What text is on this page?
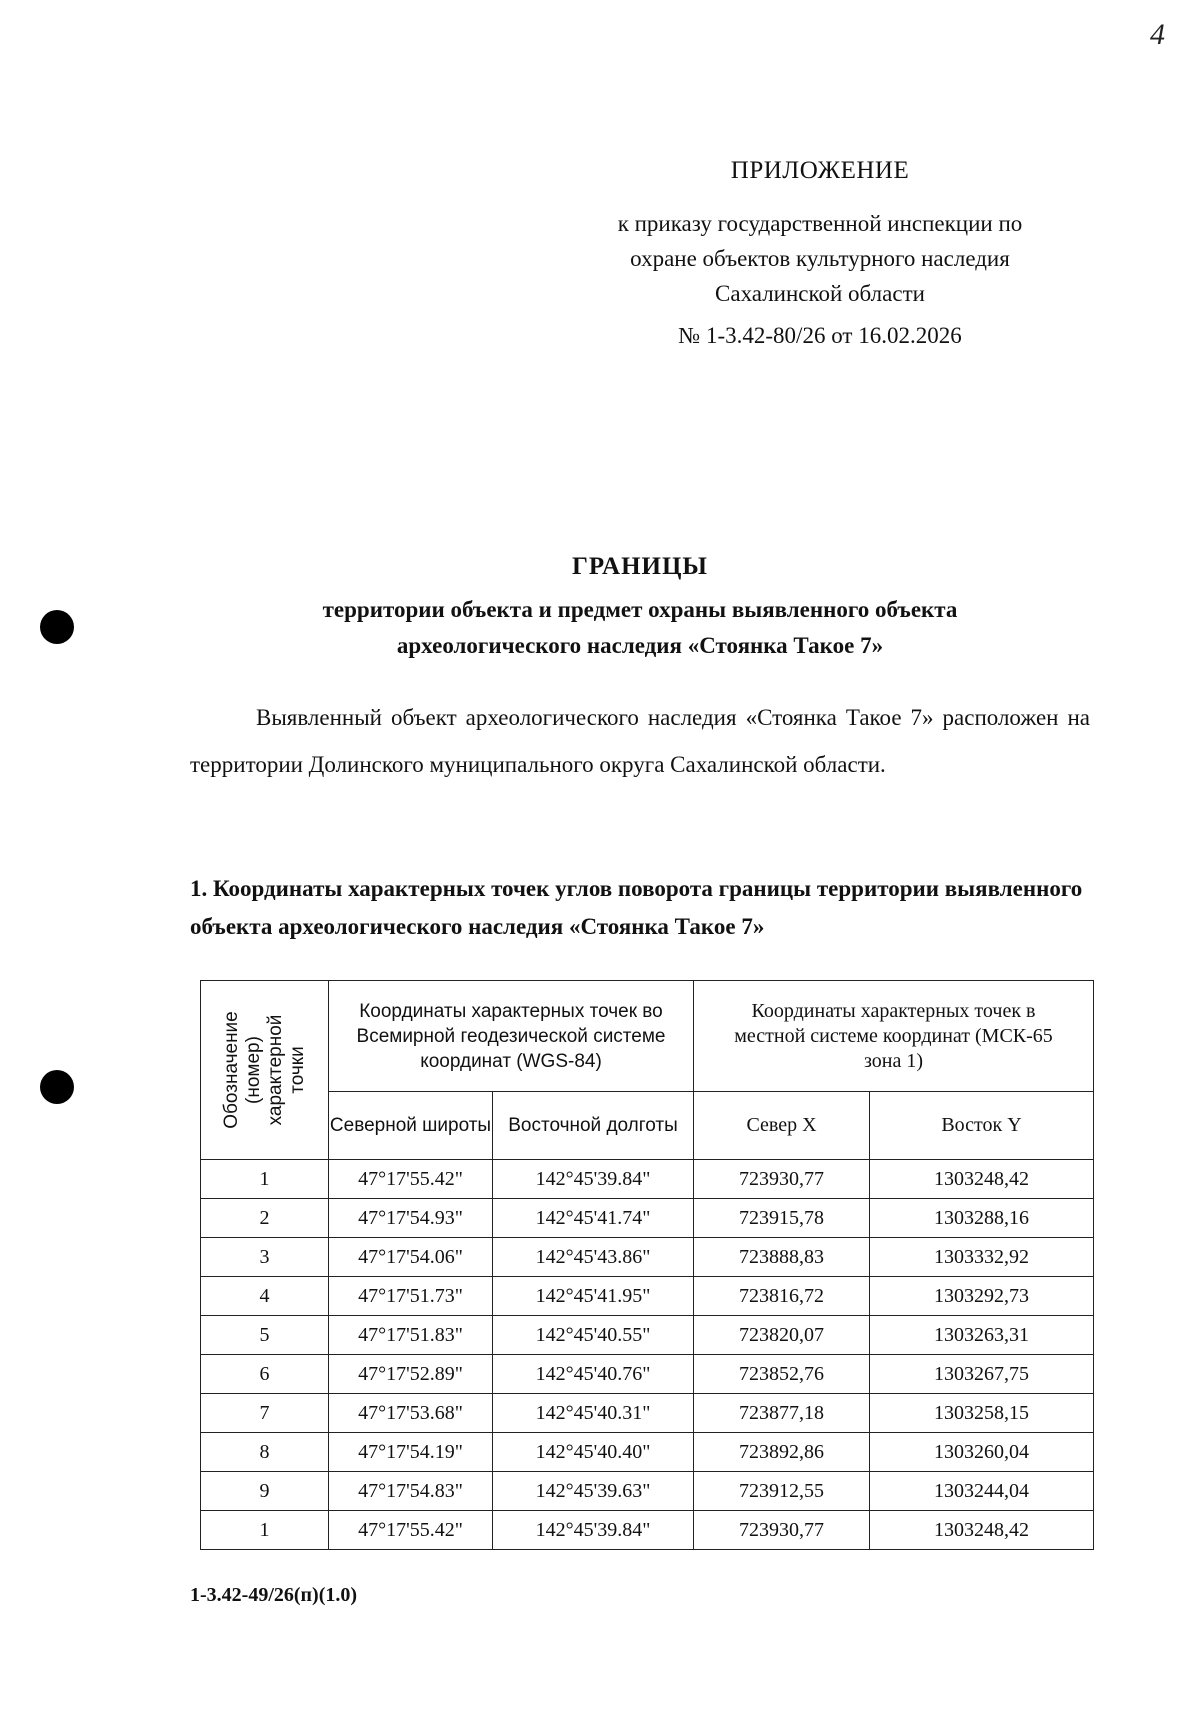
4
ПРИЛОЖЕНИЕ
к приказу государственной инспекции по
охране объектов культурного наследия
Сахалинской области
№ 1-3.42-80/26 от 16.02.2026
ГРАНИЦЫ
территории объекта и предмет охраны выявленного объекта
археологического наследия «Стоянка Такое 7»
Выявленный объект археологического наследия «Стоянка Такое 7» расположен на территории Долинского муниципального округа Сахалинской области.
1. Координаты характерных точек углов поворота границы территории выявленного объекта археологического наследия «Стоянка Такое 7»
Обозначение (номер) характерной точки	Координаты характерных точек во Всемирной геодезической системе координат (WGS-84)		Координаты характерных точек в местной системе координат (МСК-65 зона 1)	
	Северной широты	Восточной долготы	Север X	Восток Y
1	47°17'55.42"	142°45'39.84"	723930,77	1303248,42
2	47°17'54.93"	142°45'41.74"	723915,78	1303288,16
3	47°17'54.06"	142°45'43.86"	723888,83	1303332,92
4	47°17'51.73"	142°45'41.95"	723816,72	1303292,73
5	47°17'51.83"	142°45'40.55"	723820,07	1303263,31
6	47°17'52.89"	142°45'40.76"	723852,76	1303267,75
7	47°17'53.68"	142°45'40.31"	723877,18	1303258,15
8	47°17'54.19"	142°45'40.40"	723892,86	1303260,04
9	47°17'54.83"	142°45'39.63"	723912,55	1303244,04
1	47°17'55.42"	142°45'39.84"	723930,77	1303248,42
1-3.42-49/26(п)(1.0)
